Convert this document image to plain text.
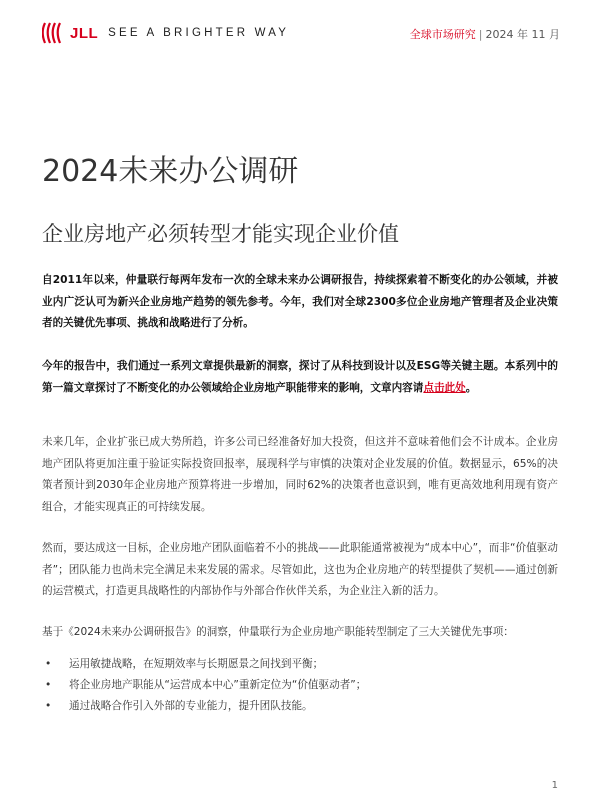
JLL SEE A BRIGHTER WAY	全球市场研究 | 2024 年 11 月
2024未来办公调研
企业房地产必须转型才能实现企业价值

自2011年以来，仲量联行每两年发布一次的全球未来办公调研报告，持续探索着不断变化的办公领域，并被业内广泛认可为新兴企业房地产趋势的领先参考。今年，我们对全球2300多位企业房地产管理者及企业决策者的关键优先事项、挑战和战略进行了分析。

今年的报告中，我们通过一系列文章提供最新的洞察，探讨了从科技到设计以及ESG等关键主题。本系列中的第一篇文章探讨了不断变化的办公领域给企业房地产职能带来的影响，文章内容请点击此处。

未来几年，企业扩张已成大势所趋，许多公司已经准备好加大投资，但这并不意味着他们会不计成本。企业房地产团队将更加注重于验证实际投资回报率，展现科学与审慎的决策对企业发展的价值。数据显示，65%的决策者预计到2030年企业房地产预算将进一步增加，同时62%的决策者也意识到，唯有更高效地利用现有资产组合，才能实现真正的可持续发展。

然而，要达成这一目标，企业房地产团队面临着不小的挑战——此职能通常被视为“成本中心”，而非“价值驱动者”；团队能力也尚未完全满足未来发展的需求。尽管如此，这也为企业房地产的转型提供了契机——通过创新的运营模式，打造更具战略性的内部协作与外部合作伙伴关系，为企业注入新的活力。

基于《2024未来办公调研报告》的洞察，仲量联行为企业房地产职能转型制定了三大关键优先事项：

• 运用敏捷战略，在短期效率与长期愿景之间找到平衡；
• 将企业房地产职能从“运营成本中心”重新定位为“价值驱动者”；
• 通过战略合作引入外部的专业能力，提升团队技能。
1
